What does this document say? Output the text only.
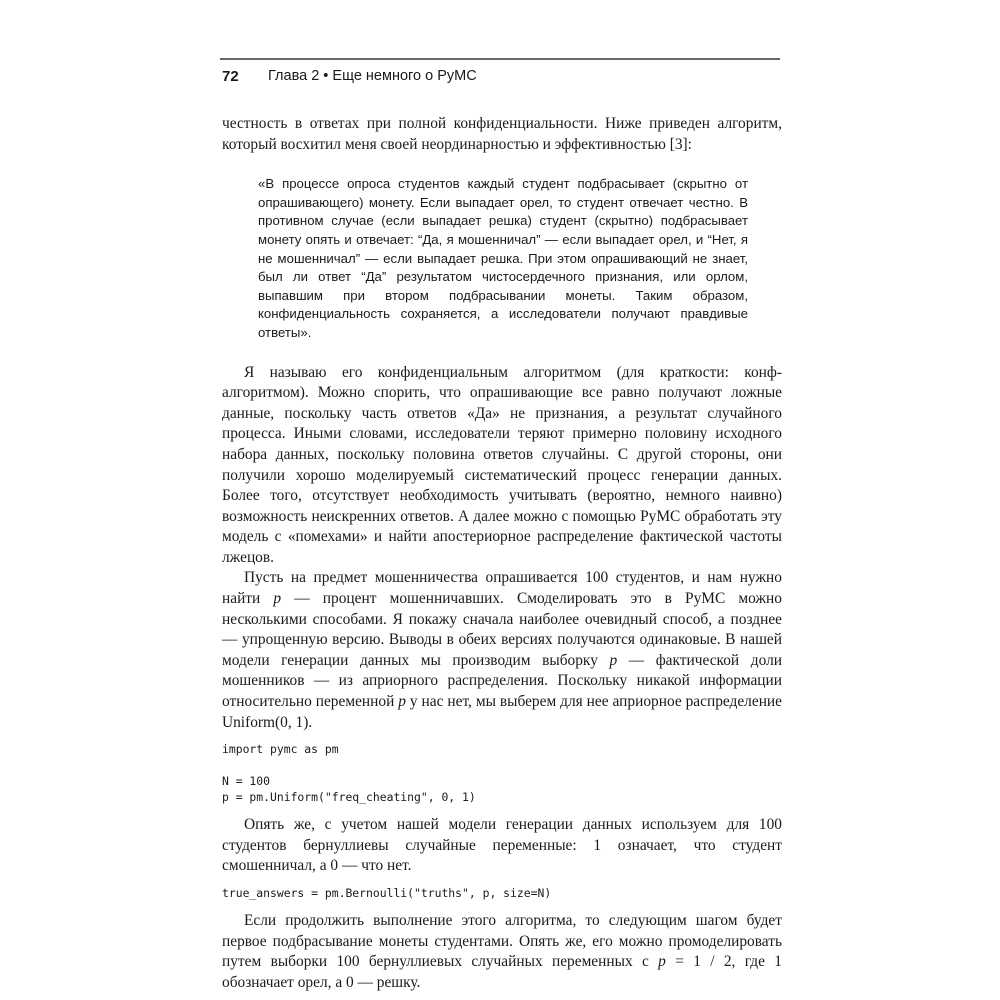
72 Глава 2 • Еще немного о PyMC

честность в ответах при полной конфиденциальности. Ниже приведен алгоритм, который восхитил меня своей неординарностью и эффективностью [3]:

«В процессе опроса студентов каждый студент подбрасывает (скрытно от опрашивающего) монету. Если выпадает орел, то студент отвечает честно. В противном случае (если выпадает решка) студент (скрытно) подбрасывает монету опять и отвечает: “Да, я мошенничал” — если выпадает орел, и “Нет, я не мошенничал” — если выпадает решка. При этом опрашивающий не знает, был ли ответ “Да” результатом чистосердечного признания, или орлом, выпавшим при втором подбрасывании монеты. Таким образом, конфиденциальность сохраняется, а исследователи получают правдивые ответы».

Я называю его конфиденциальным алгоритмом (для краткости: конф-алгоритмом). Можно спорить, что опрашивающие все равно получают ложные данные, поскольку часть ответов «Да» не признания, а результат случайного процесса. Иными словами, исследователи теряют примерно половину исходного набора данных, поскольку половина ответов случайны. С другой стороны, они получили хорошо моделируемый систематический процесс генерации данных. Более того, отсутствует необходимость учитывать (вероятно, немного наивно) возможность неискренних ответов. А далее можно с помощью PyMC обработать эту модель с «помехами» и найти апостериорное распределение фактической частоты лжецов.

Пусть на предмет мошенничества опрашивается 100 студентов, и нам нужно найти p — процент мошенничавших. Смоделировать это в PyMC можно несколькими способами. Я покажу сначала наиболее очевидный способ, а позднее — упрощенную версию. Выводы в обеих версиях получаются одинаковые. В нашей модели генерации данных мы производим выборку p — фактической доли мошенников — из априорного распределения. Поскольку никакой информации относительно переменной p у нас нет, мы выберем для нее априорное распределение Uniform(0, 1).

import pymc as pm

N = 100
p = pm.Uniform("freq_cheating", 0, 1)

Опять же, с учетом нашей модели генерации данных используем для 100 студентов бернуллиевы случайные переменные: 1 означает, что студент смошенничал, а 0 — что нет.

true_answers = pm.Bernoulli("truths", p, size=N)

Если продолжить выполнение этого алгоритма, то следующим шагом будет первое подбрасывание монеты студентами. Опять же, его можно промоделировать путем выборки 100 бернуллиевых случайных переменных с p = 1 / 2, где 1 обозначает орел, а 0 — решку.
